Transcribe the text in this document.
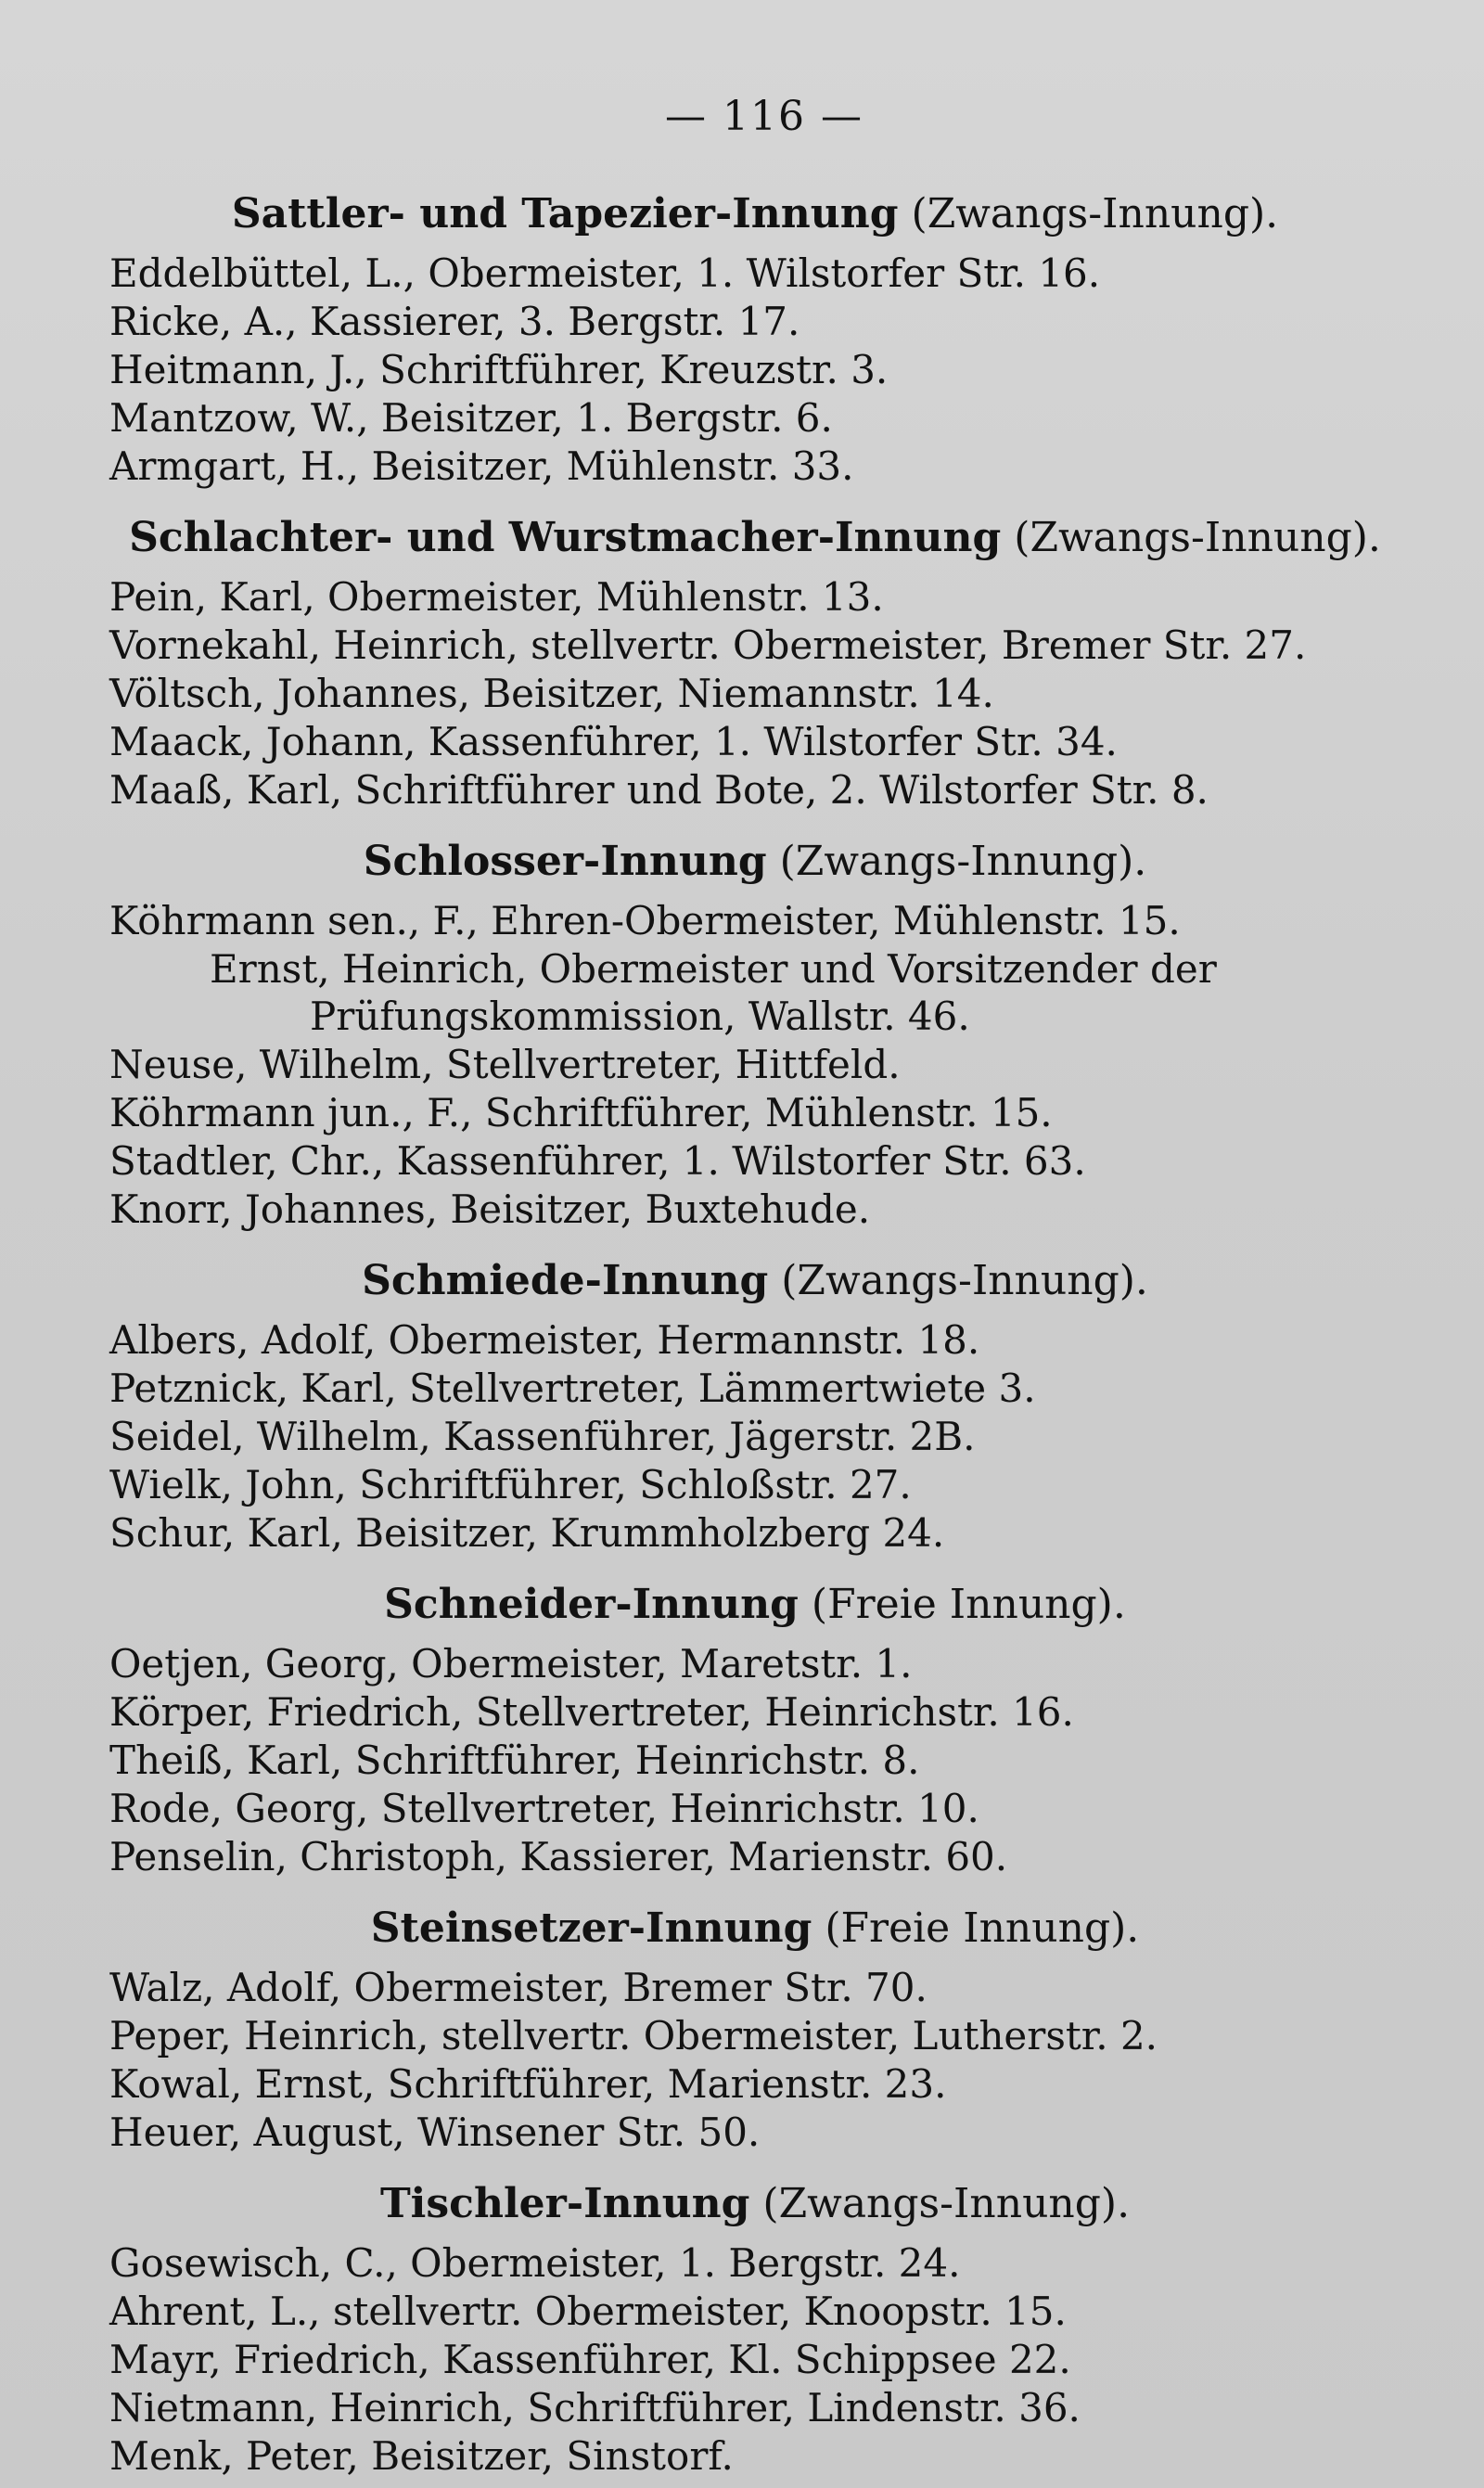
— 116 —
Sattler- und Tapezier-Innung (Zwangs-Innung).
Eddelbüttel, L., Obermeister, 1. Wilstorfer Str. 16.
Ricke, A., Kassierer, 3. Bergstr. 17.
Heitmann, J., Schriftführer, Kreuzstr. 3.
Mantzow, W., Beisitzer, 1. Bergstr. 6.
Armgart, H., Beisitzer, Mühlenstr. 33.
Schlachter- und Wurstmacher-Innung (Zwangs-Innung).
Pein, Karl, Obermeister, Mühlenstr. 13.
Vornekahl, Heinrich, stellvertr. Obermeister, Bremer Str. 27.
Völtsch, Johannes, Beisitzer, Niemannstr. 14.
Maack, Johann, Kassenführer, 1. Wilstorfer Str. 34.
Maaß, Karl, Schriftführer und Bote, 2. Wilstorfer Str. 8.
Schlosser-Innung (Zwangs-Innung).
Köhrmann sen., F., Ehren-Obermeister, Mühlenstr. 15.
Ernst, Heinrich, Obermeister und Vorsitzender der Prüfungskommission, Wallstr. 46.
Neuse, Wilhelm, Stellvertreter, Hittfeld.
Köhrmann jun., F., Schriftführer, Mühlenstr. 15.
Stadtler, Chr., Kassenführer, 1. Wilstorfer Str. 63.
Knorr, Johannes, Beisitzer, Buxtehude.
Schmiede-Innung (Zwangs-Innung).
Albers, Adolf, Obermeister, Hermannstr. 18.
Petznick, Karl, Stellvertreter, Lämmertwiete 3.
Seidel, Wilhelm, Kassenführer, Jägerstr. 2B.
Wielk, John, Schriftführer, Schloßstr. 27.
Schur, Karl, Beisitzer, Krummholzberg 24.
Schneider-Innung (Freie Innung).
Oetjen, Georg, Obermeister, Maretstr. 1.
Körper, Friedrich, Stellvertreter, Heinrichstr. 16.
Theiß, Karl, Schriftführer, Heinrichstr. 8.
Rode, Georg, Stellvertreter, Heinrichstr. 10.
Penselin, Christoph, Kassierer, Marienstr. 60.
Steinsetzer-Innung (Freie Innung).
Walz, Adolf, Obermeister, Bremer Str. 70.
Peper, Heinrich, stellvertr. Obermeister, Lutherstr. 2.
Kowal, Ernst, Schriftführer, Marienstr. 23.
Heuer, August, Winsener Str. 50.
Tischler-Innung (Zwangs-Innung).
Gosewisch, C., Obermeister, 1. Bergstr. 24.
Ahrent, L., stellvertr. Obermeister, Knoopstr. 15.
Mayr, Friedrich, Kassenführer, Kl. Schippsee 22.
Nietmann, Heinrich, Schriftführer, Lindenstr. 36.
Menk, Peter, Beisitzer, Sinstorf.
